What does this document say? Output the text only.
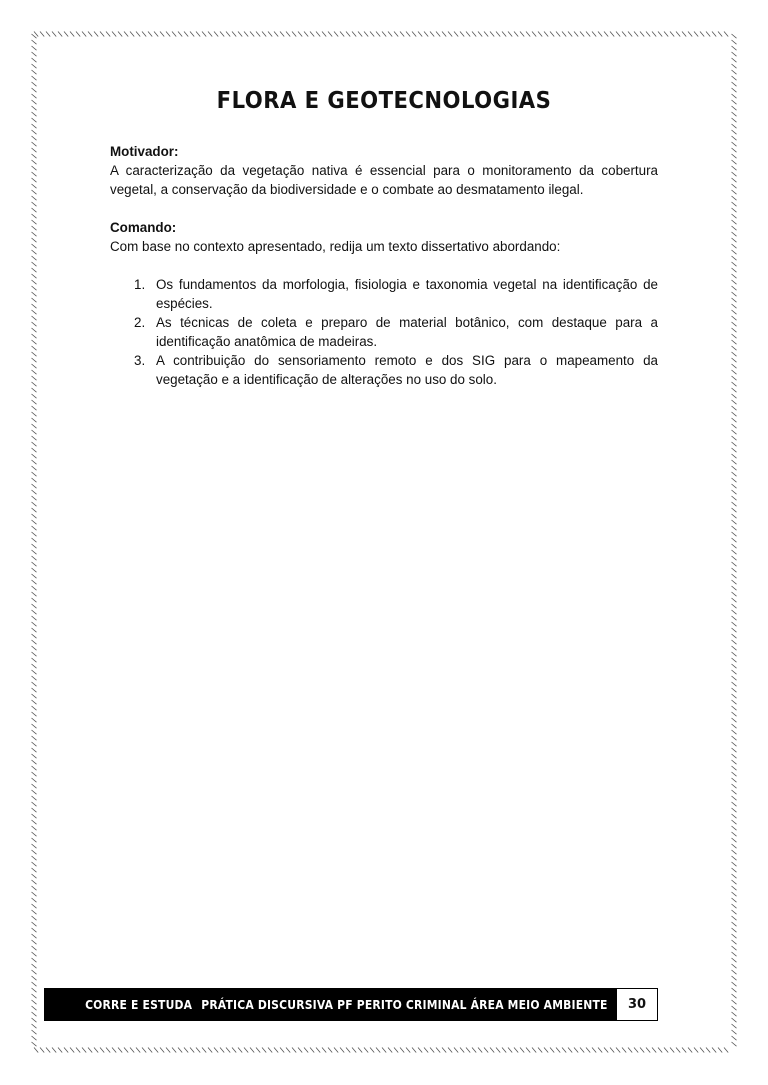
FLORA E GEOTECNOLOGIAS

Motivador:

A caracterização da vegetação nativa é essencial para o monitoramento da cobertura vegetal, a conservação da biodiversidade e o combate ao desmatamento ilegal.

Comando:

Com base no contexto apresentado, redija um texto dissertativo abordando:

1. Os fundamentos da morfologia, fisiologia e taxonomia vegetal na identificação de espécies.
2. As técnicas de coleta e preparo de material botânico, com destaque para a identificação anatômica de madeiras.
3. A contribuição do sensoriamento remoto e dos SIG para o mapeamento da vegetação e a identificação de alterações no uso do solo.
CORRE E ESTUDA PRÁTICA DISCURSIVA PF PERITO CRIMINAL ÁREA MEIO AMBIENTE	30
